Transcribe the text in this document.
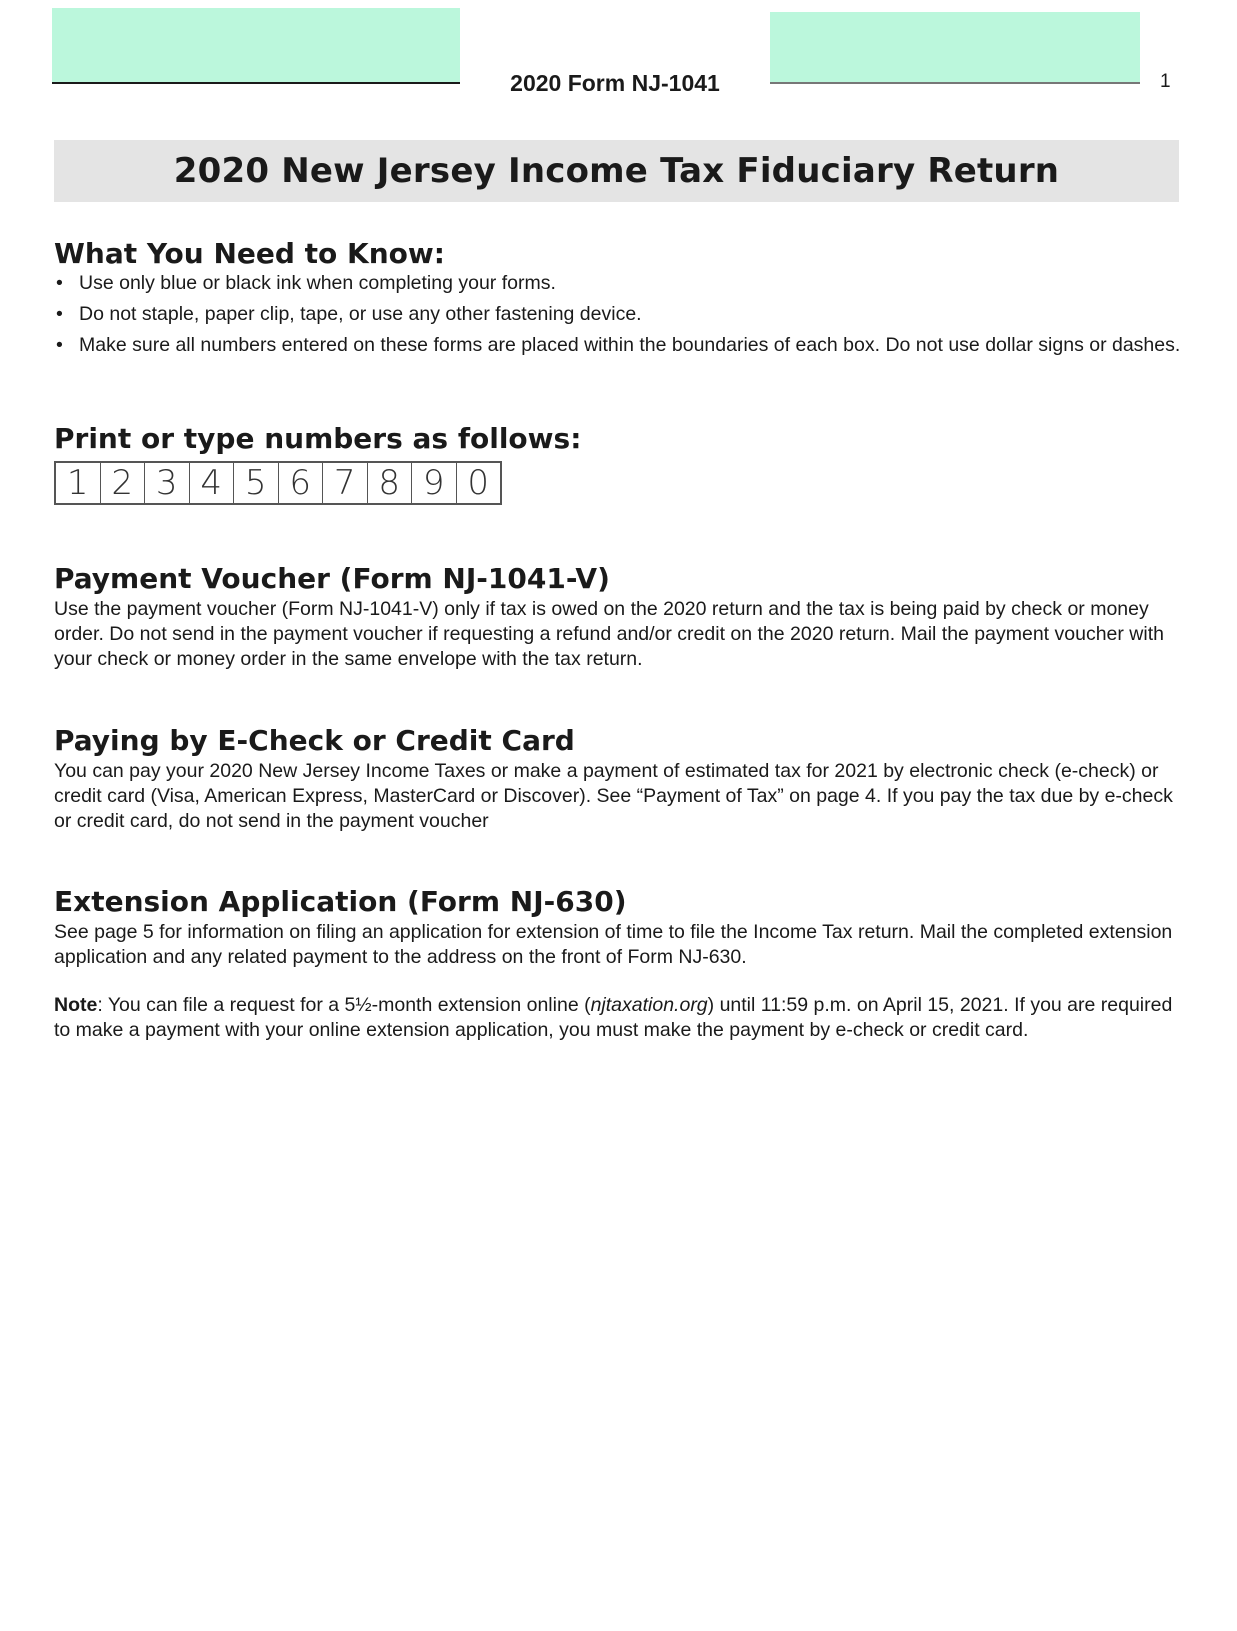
2020 Form NJ-1041	1
2020 New Jersey Income Tax Fiduciary Return
What You Need to Know:
• Use only blue or black ink when completing your forms.
• Do not staple, paper clip, tape, or use any other fastening device.
• Make sure all numbers entered on these forms are placed within the boundaries of each box. Do not use dollar signs or dashes.
Print or type numbers as follows:
1 2 3 4 5 6 7 8 9 0
Payment Voucher (Form NJ-1041-V)

Use the payment voucher (Form NJ-1041-V) only if tax is owed on the 2020 return and the tax is being paid by check or money order. Do not send in the payment voucher if requesting a refund and/or credit on the 2020 return. Mail the payment voucher with your check or money order in the same envelope with the tax return.

Paying by E-Check or Credit Card

You can pay your 2020 New Jersey Income Taxes or make a payment of estimated tax for 2021 by electronic check (e-check) or credit card (Visa, American Express, MasterCard or Discover). See “Payment of Tax” on page 4. If you pay the tax due by e-check or credit card, do not send in the payment voucher

Extension Application (Form NJ-630)

See page 5 for information on filing an application for extension of time to file the Income Tax return. Mail the completed extension application and any related payment to the address on the front of Form NJ-630.

Note: You can file a request for a 5½-month extension online (njtaxation.org) until 11:59 p.m. on April 15, 2021. If you are required to make a payment with your online extension application, you must make the payment by e-check or credit card.
